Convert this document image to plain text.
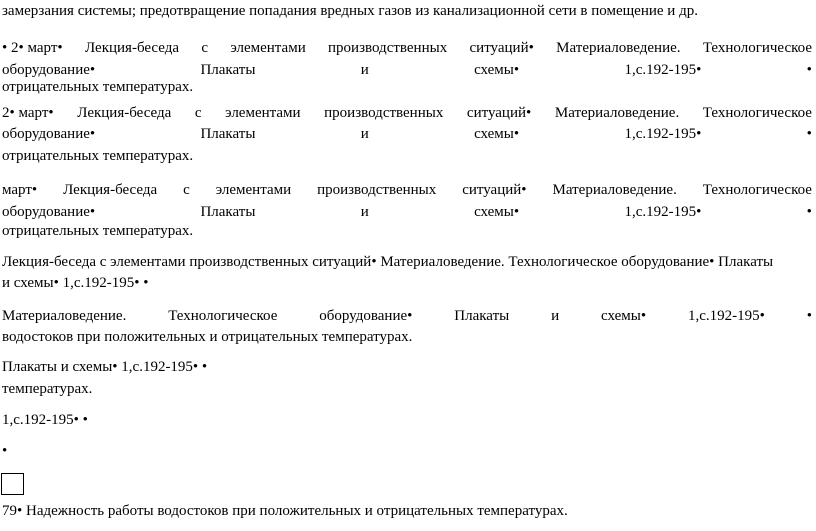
замерзания системы; предотвращение попадания вредных газов из канализационной сети в помещение и др.
• 2• март• Лекция-беседа с элементами производственных ситуаций• Материаловедение. Технологическое
оборудование•	Плакаты	и	схемы•	1,с.192-195•	•
отрицательных температурах.
2• март• Лекция-беседа с элементами производственных ситуаций• Материаловедение. Технологическое
оборудование•	Плакаты	и	схемы•	1,с.192-195•	•
отрицательных температурах.
март• Лекция-беседа с элементами производственных ситуаций• Материаловедение. Технологическое
оборудование•	Плакаты	и	схемы•	1,с.192-195•	•
отрицательных температурах.
Лекция-беседа с элементами производственных ситуаций• Материаловедение. Технологическое оборудование• Плакаты
и схемы• 1,с.192-195• •
Материаловедение.	Технологическое	оборудование•	Плакаты	и	схемы•	1,с.192-195•	•
водостоков при положительных и отрицательных температурах.
Плакаты и схемы• 1,с.192-195• •
температурах.
1,с.192-195• •
•
79• Надежность работы водостоков при положительных и отрицательных температурах.
